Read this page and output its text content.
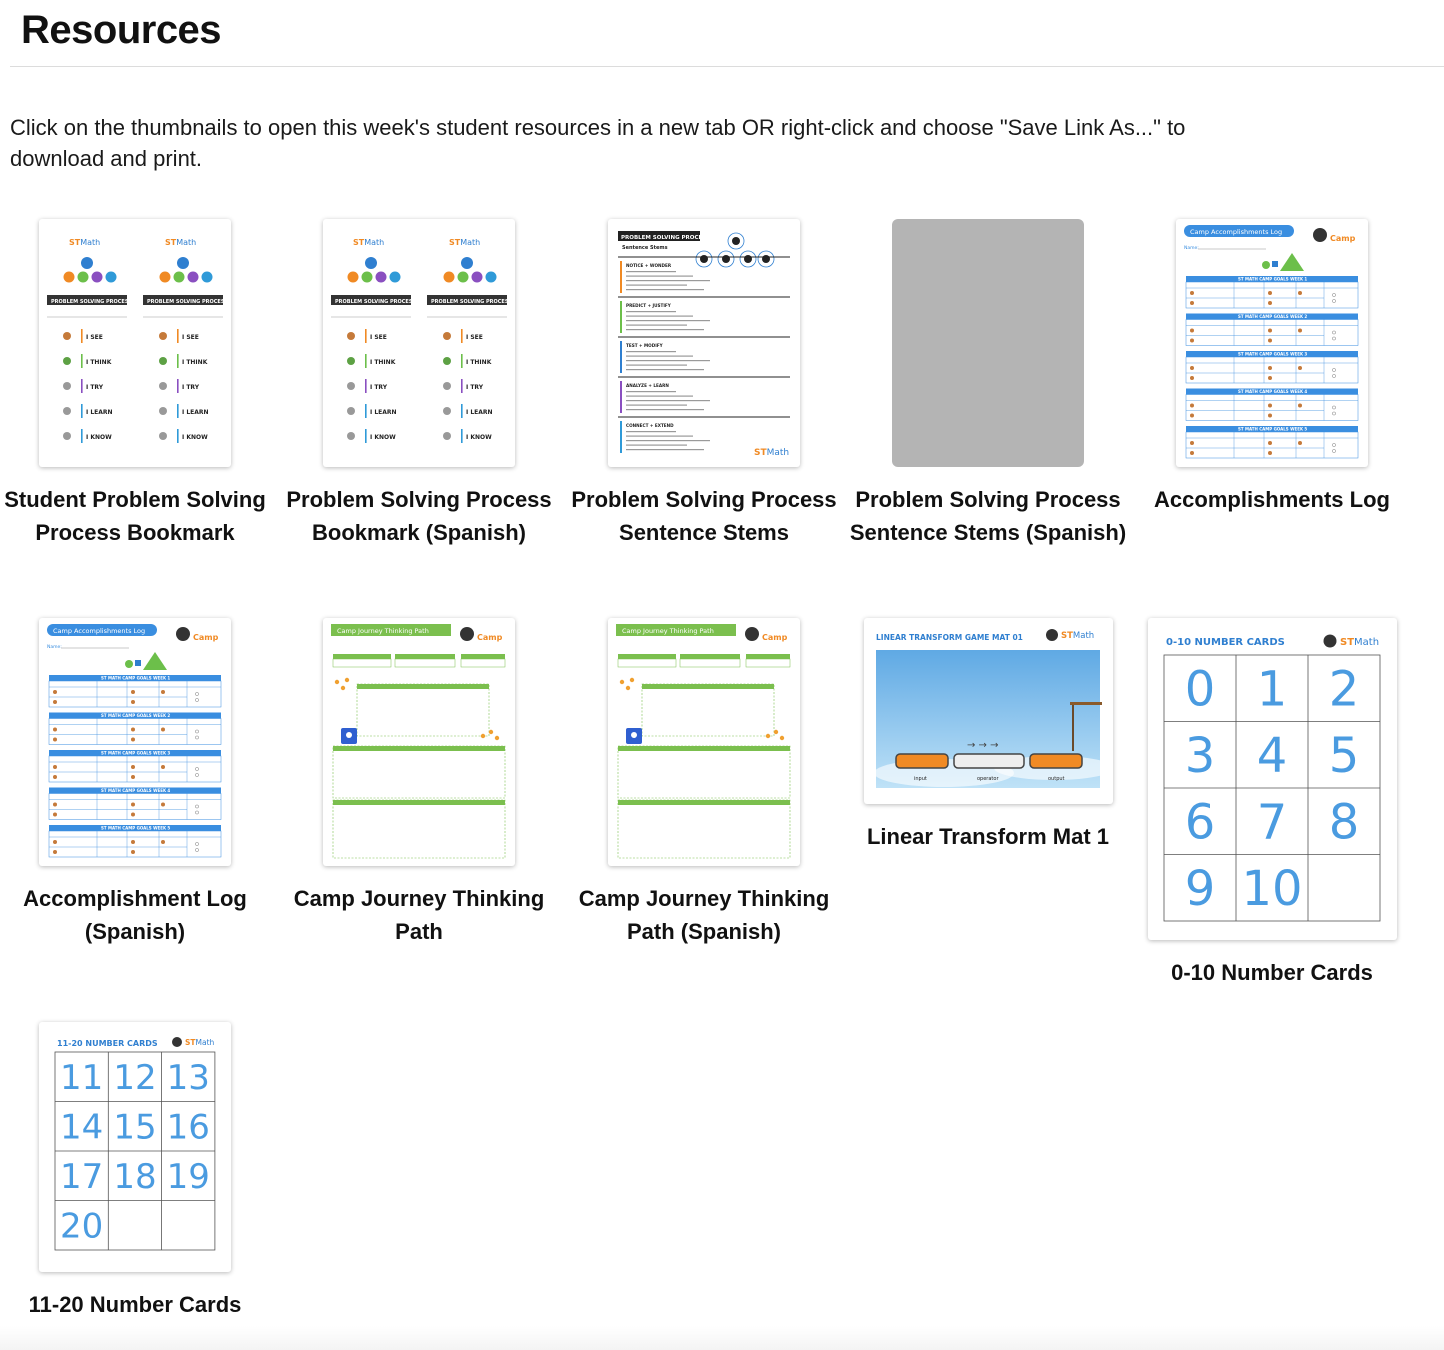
Resources

Click on the thumbnails to open this week's student resources in a new tab OR right-click and choose "Save Link As..." to download and print.

STMath
PROBLEM SOLVING PROCESS
I SEE
I THINK
I TRY
I LEARN
I KNOW
STMath
PROBLEM SOLVING PROCESS
I SEE
I THINK
I TRY
I LEARN
I KNOW
Student Problem Solving Process Bookmark
STMath
PROBLEM SOLVING PROCESS
I SEE
I THINK
I TRY
I LEARN
I KNOW
STMath
PROBLEM SOLVING PROCESS
I SEE
I THINK
I TRY
I LEARN
I KNOW
Problem Solving Process Bookmark (Spanish)
PROBLEM SOLVING PROCESS
Sentence Stems
NOTICE + WONDER
PREDICT + JUSTIFY
TEST + MODIFY
ANALYZE + LEARN
CONNECT + EXTEND
STMath
Problem Solving Process Sentence Stems
Problem Solving Process Sentence Stems (Spanish)
Camp Accomplishments Log
Camp
Name:
ST MATH CAMP GOALS WEEK 1
ST MATH CAMP GOALS WEEK 2
ST MATH CAMP GOALS WEEK 3
ST MATH CAMP GOALS WEEK 4
ST MATH CAMP GOALS WEEK 5
Accomplishments Log
Camp Accomplishments Log
Camp
Name:
ST MATH CAMP GOALS WEEK 1
ST MATH CAMP GOALS WEEK 2
ST MATH CAMP GOALS WEEK 3
ST MATH CAMP GOALS WEEK 4
ST MATH CAMP GOALS WEEK 5
Accomplishment Log (Spanish)
Camp Journey Thinking Path
Camp
Camp Journey Thinking Path
Camp Journey Thinking Path
Camp
Camp Journey Thinking Path (Spanish)
LINEAR TRANSFORM GAME MAT 01	STMath
→ → →
input	operator	output
Linear Transform Mat 1
0-10 NUMBER CARDS	STMath
0 1 2
3 4 5
6 7 8
9 10
0-10 Number Cards
11-20 NUMBER CARDS	STMath
11 12 13
14 15 16
17 18 19
20
11-20 Number Cards
